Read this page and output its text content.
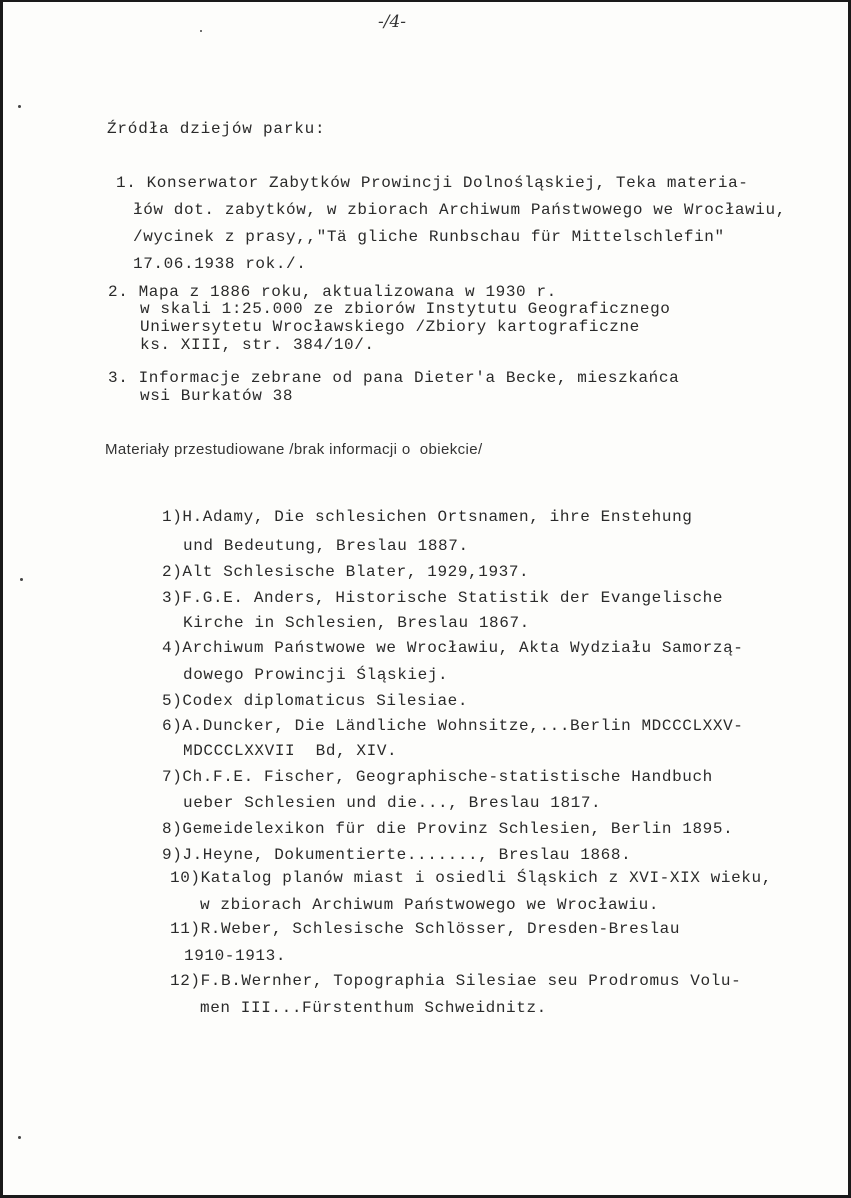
-/4-
Źródła dziejów parku:
1. Konserwator Zabytków Prowincji Dolnośląskiej, Teka materia-
łów dot. zabytków, w zbiorach Archiwum Państwowego we Wrocławiu,
/wycinek z prasy,,"Tä gliche Runbschau für Mittelschlefin"
17.06.1938 rok./.
2. Mapa z 1886 roku, aktualizowana w 1930 r.
w skali 1:25.000 ze zbiorów Instytutu Geograficznego
Uniwersytetu Wrocławskiego /Zbiory kartograficzne
ks. XIII, str. 384/10/.
3. Informacje zebrane od pana Dieter'a Becke, mieszkańca
wsi Burkatów 38
Materiały przestudiowane /brak informacji o  obiekcie/
1)H.Adamy, Die schlesichen Ortsnamen, ihre Enstehung
und Bedeutung, Breslau 1887.
2)Alt Schlesische Blater, 1929,1937.
3)F.G.E. Anders, Historische Statistik der Evangelische
Kirche in Schlesien, Breslau 1867.
4)Archiwum Państwowe we Wrocławiu, Akta Wydziału Samorzą-
dowego Prowincji Śląskiej.
5)Codex diplomaticus Silesiae.
6)A.Duncker, Die Ländliche Wohnsitze,...Berlin MDCCCLXXV-
MDCCCLXXVII  Bd, XIV.
7)Ch.F.E. Fischer, Geographische-statistische Handbuch
ueber Schlesien und die..., Breslau 1817.
8)Gemeidelexikon für die Provinz Schlesien, Berlin 1895.
9)J.Heyne, Dokumentierte......., Breslau 1868.
10)Katalog planów miast i osiedli Śląskich z XVI-XIX wieku,
w zbiorach Archiwum Państwowego we Wrocławiu.
11)R.Weber, Schlesische Schlösser, Dresden-Breslau
1910-1913.
12)F.B.Wernher, Topographia Silesiae seu Prodromus Volu-
men III...Fürstenthum Schweidnitz.
